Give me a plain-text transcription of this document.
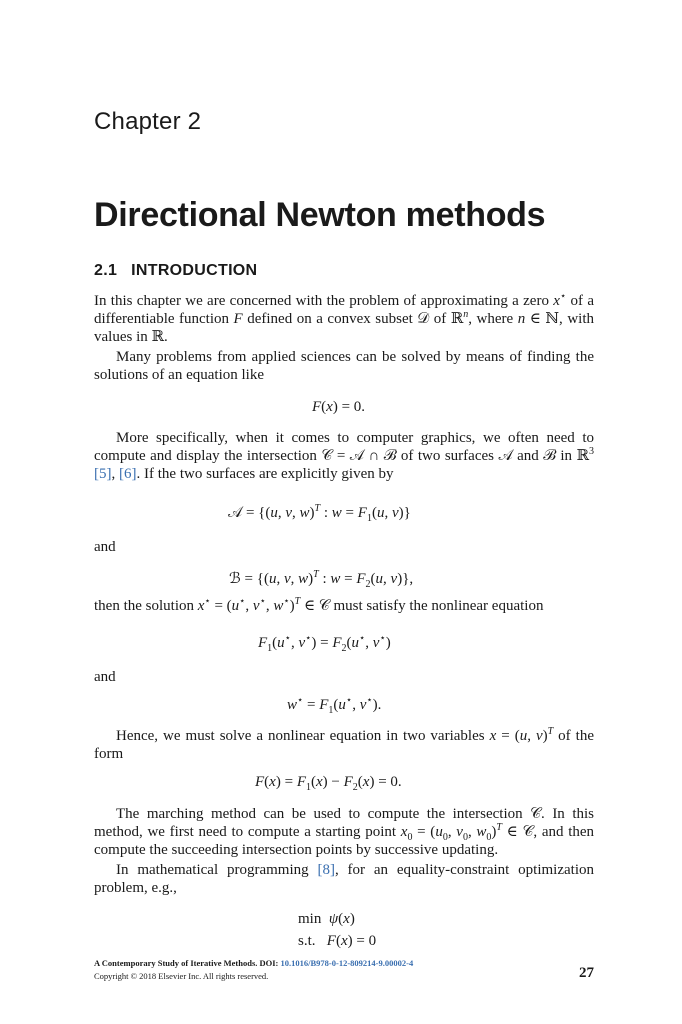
Chapter 2
Directional Newton methods
2.1 INTRODUCTION
In this chapter we are concerned with the problem of approximating a zero x⋆ of a differentiable function F defined on a convex subset 𝒟 of ℝ$^n$, where n ∈ ℕ, with values in ℝ.
Many problems from applied sciences can be solved by means of finding the solutions of an equation like
F(x) = 0.
More specifically, when it comes to computer graphics, we often need to compute and display the intersection 𝒞 = 𝒜 ∩ ℬ of two surfaces 𝒜 and ℬ in ℝ$^3$ [5], [6]. If the two surfaces are explicitly given by
𝒜 = {(u, v, w)$^T$ : $w = F_1(u$, v)}
and
ℬ = {(u, v, w)$^T$ : $w = F_2(u$, v)},
then the solution x⋆ = (u⋆, v⋆, w⋆)$^T$ ∈ 𝒞 must satisfy the nonlinear equation
$F_1(u^⋆$, $v^⋆) = F_2(u^⋆$, v⋆)
and
$w^⋆ = F_1(u^⋆$, v⋆).
Hence, we must solve a nonlinear equation in two variables x = (u, v)$^T$ of the form
$F(x) = F_1(x) - F_2(x) = 0$.
The marching method can be used to compute the intersection 𝒞. In this method, we first need to compute a starting point $x_0 = (u_0$, $v_0$, $w_0)^T$ ∈ 𝒞, and then compute the succeeding intersection points by successive updating.
In mathematical programming [8], for an equality-constraint optimization problem, e.g.,
min  ψ(x)
s.t.   F(x) = 0
A Contemporary Study of Iterative Methods. DOI: 10.1016/B978-0-12-809214-9.00002-4
Copyright © 2018 Elsevier Inc. All rights reserved.	27
